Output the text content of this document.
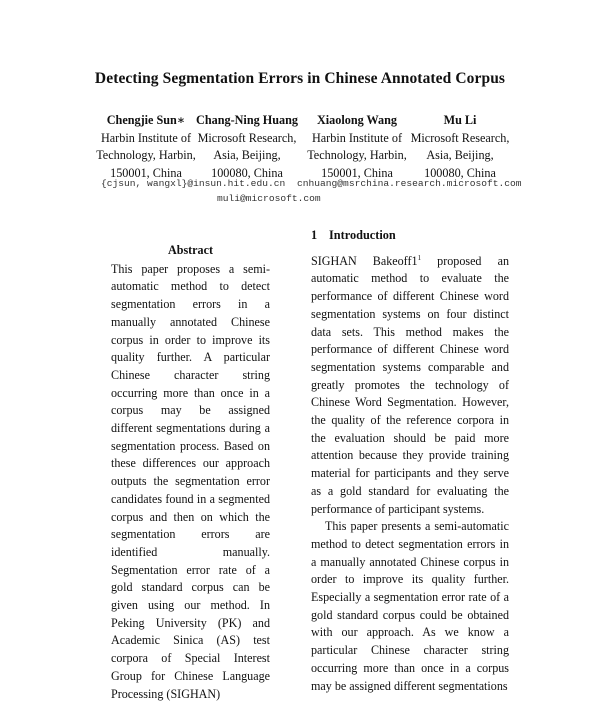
Detecting Segmentation Errors in Chinese Annotated Corpus
Chengjie Sun∗
Harbin Institute of
Technology, Harbin,
150001, China
Chang-Ning Huang
Microsoft Research,
Asia, Beijing,
100080, China
Xiaolong Wang
Harbin Institute of
Technology, Harbin,
150001, China
Mu Li
Microsoft Research,
Asia, Beijing,
100080, China
{cjsun, wangxl}@insun.hit.edu.cn cnhuang@msrchina.research.microsoft.com
muli@microsoft.com
Abstract

This paper proposes a semi-automatic method to detect segmentation errors in a manually annotated Chinese corpus in order to improve its quality further. A particular Chinese character string occurring more than once in a corpus may be assigned different segmentations during a segmentation process. Based on these differences our approach outputs the segmentation error candidates found in a segmented corpus and then on which the segmentation errors are identified manually. Segmentation error rate of a gold standard corpus can be given using our method. In Peking University (PK) and Academic Sinica (AS) test corpora of Special Interest Group for Chinese Language Processing (SIGHAN)

1 Introduction

SIGHAN $Bakeoff1^1$ proposed an automatic method to evaluate the performance of different Chinese word segmentation systems on four distinct data sets. This method makes the performance of different Chinese word segmentation systems comparable and greatly promotes the technology of Chinese Word Segmentation. However, the quality of the reference corpora in the evaluation should be paid more attention because they provide training material for participants and they serve as a gold standard for evaluating the performance of participant systems.

This paper presents a semi-automatic method to detect segmentation errors in a manually annotated Chinese corpus in order to improve its quality further. Especially a segmentation error rate of a gold standard corpus could be obtained with our approach. As we know a particular Chinese character string occurring more than once in a corpus may be assigned different segmentations
